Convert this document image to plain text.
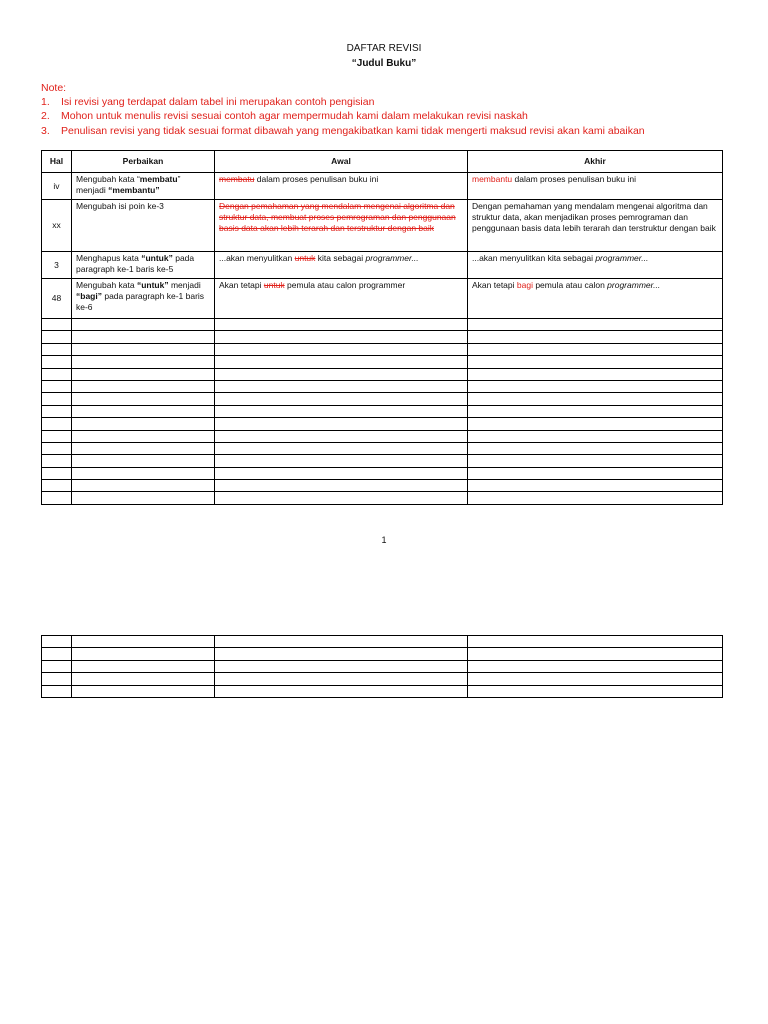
DAFTAR REVISI
“Judul Buku”
Note:
1. Isi revisi yang terdapat dalam tabel ini merupakan contoh pengisian
2. Mohon untuk menulis revisi sesuai contoh agar mempermudah kami dalam melakukan revisi naskah
3. Penulisan revisi yang tidak sesuai format dibawah yang mengakibatkan kami tidak mengerti maksud revisi akan kami abaikan
Hal	Perbaikan	Awal	Akhir
iv	Mengubah kata “membatu” menjadi “membantu”	membatu dalam proses penulisan buku ini	membantu dalam proses penulisan buku ini
xx	Mengubah isi poin ke-3	Dengan pemahaman yang mendalam mengenai algoritma dan struktur data, membuat proses pemrograman dan penggunaan basis data akan lebih terarah dan terstruktur dengan baik	Dengan pemahaman yang mendalam mengenai algoritma dan struktur data, akan menjadikan proses pemrograman dan penggunaan basis data lebih terarah dan terstruktur dengan baik
3	Menghapus kata “untuk” pada paragraph ke-1 baris ke-5	...akan menyulitkan untuk kita sebagai programmer...	...akan menyulitkan kita sebagai programmer...
48	Mengubah kata “untuk” menjadi “bagi” pada paragraph ke-1 baris ke-6	Akan tetapi untuk pemula atau calon programmer	Akan tetapi bagi pemula atau calon programmer...

1
